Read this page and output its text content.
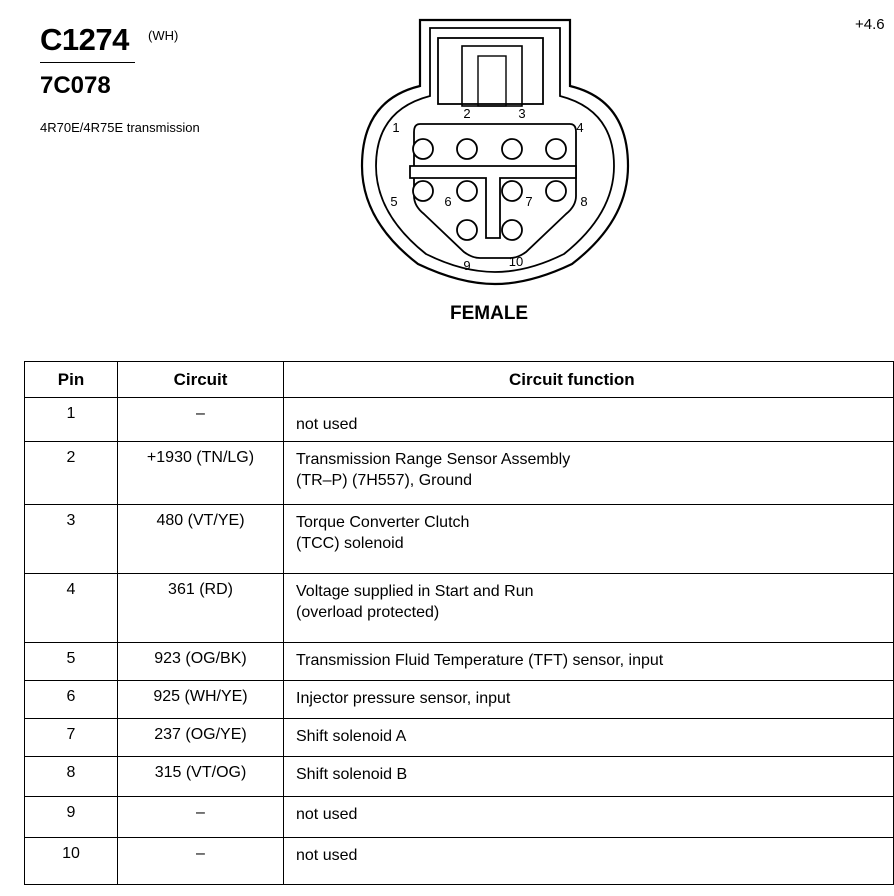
C1274 (WH)
7C078
4R70E/4R75E transmission
+4.6
1
2	3
4
5	6	7	8
9	10
FEMALE
Pin	Circuit	Circuit function
1	–	not used

2	+1930 (TN/LG)	Transmission Range Sensor Assembly
(TR–P) (7H557), Ground

3	480 (VT/YE)	Torque Converter Clutch
(TCC) solenoid

4	361 (RD)	Voltage supplied in Start and Run
(overload protected)

5	923 (OG/BK)	Transmission Fluid Temperature (TFT) sensor, input

6	925 (WH/YE)	Injector pressure sensor, input

7	237 (OG/YE)	Shift solenoid A

8	315 (VT/OG)	Shift solenoid B

9	–	not used

10	–	not used
